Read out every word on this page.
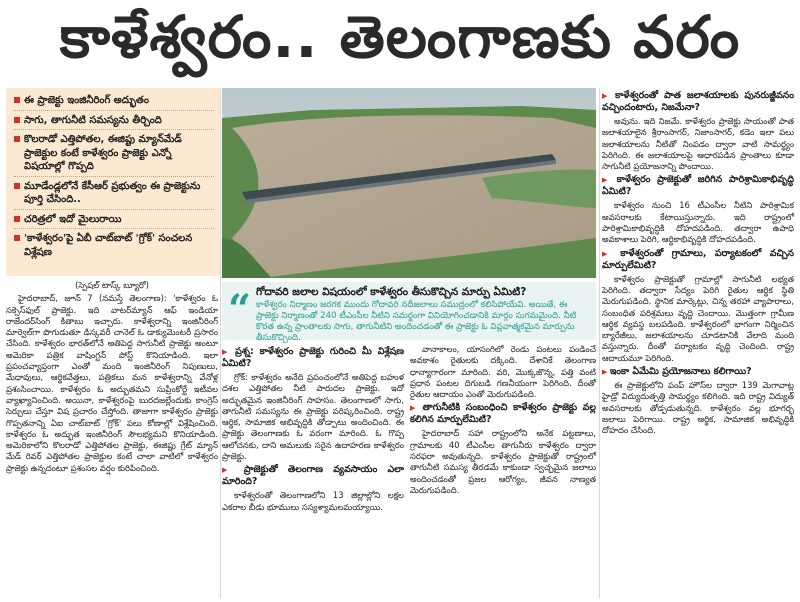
కాళేశ్వరం.. తెలంగాణకు వరం
ఈ ప్రాజెక్టు ఇంజినీరింగ్ అద్భుతం
సాగు, తాగునీటి సమస్యను తీర్చింది
కొలరాడో ఎత్తిపోతల, ఈజిప్టు మ్యాన్‌మేడ్ ప్రాజెక్టుల కంటే కాళేశ్వరం ప్రాజెక్టు ఎన్నో విషయాల్లో గొప్పది
మూడేండ్లలోనే కేసీఆర్ ప్రభుత్వం ఈ ప్రాజెక్టును పూర్తి చేసింది..
చరిత్రలో ఇదో మైలురాయి
'కాళేశ్వరం'పై ఏబీ చాట్‌బాట్ 'గ్రోక్' సంచలన విశ్లేషణ
“ గోదావరి జలాల విషయంలో కాళేశ్వరం తీసుకొచ్చిన మార్పు ఏమిటి?
కాళేశ్వరం నిర్మాణం జరగక ముందు గోదావరి నదీజలాలు సముద్రంలో కలిసిపోయేవి. అయితే, ఈ ప్రాజెక్టు నిర్మాణంతో 240 టీఎంసీల నీటిని సమర్థంగా వినియోగించడానికి మార్గం సుగమమైంది. నీటి కొరత ఉన్న ప్రాంతాలకు సాగు, తాగునీటిని అందించడంతో ఈ ప్రాజెక్టు ఓ విప్లవాత్మకమైన మార్పును తీసుకొచ్చింది.

(స్పెషల్ టాస్క్ బ్యూరో)

హైదరాబాద్, జూన్ 7 (నమస్తే తెలంగాణ): 'కాళేశ్వరం ఓ సక్సెస్‌ఫుల్ ప్రాజెక్టు. ఇది వాటర్‌మ్యాన్ ఆఫ్ ఇండియా రాజేందర్‌సింగ్ కితాబు ఇచ్చారు. కాళేశ్వరాన్ని ఇంజినీరింగ్ మార్వెల్‌గా పొగుడుతూ డిస్కవరీ చానెల్ ఓ డాక్యుమెంటరీ ప్రసారం చేసింది. కాళేశ్వరం భారత్‌లోనే అతిపెద్ద సాగునీటి ప్రాజెక్టు అంటూ అమెరికా పత్రిక వాషింగ్టన్ పోస్ట్ కొనియాడింది. ఇలా ప్రపంచవ్యాప్తంగా ఎంతో మంది ఇంజినీరింగ్ నిపుణులు, మేధావులు, ఆర్థికవేత్తలు, పత్రికలు మన కాళేశ్వరాన్ని వేనోళ్ల ప్రశంసించాయి. కాళేశ్వరం ఓ అద్భుతమని సుప్రీంకోర్టే ఇటీవల వ్యాఖ్యానించింది. అయినా, కాళేశ్వరంపై బురదజల్లేందుకు కాంగ్రెస్ సెర్చులు చేస్తూ విష ప్రచారం చేస్తోంది. తాజాగా కాళేశ్వరం ప్రాజెక్టు గొప్పతనాన్ని ఏఐ చాట్‌బాట్ 'గ్రోక్' పలు కోణాల్లో విశ్లేషించింది. కాళేశ్వరం ఓ అద్భుత ఇంజినీరింగ్ సౌలభ్యమని కొనియాడింది. అమెరికాలోని కొలరాడో ఎత్తిపోతల ప్రాజెక్టు, ఈజిప్టు గ్రేట్ మ్యాన్ మేడ్ రివర్ ఎత్తిపోతల ప్రాజెక్టుల కంటే చాలా వాటిలో కాళేశ్వరం ప్రాజెక్టు ఉన్నదంటూ ప్రశంసల వర్షం కురిపించింది.

▶ ప్రశ్న: కాళేశ్వరం ప్రాజెక్టు గురించి మీ విశ్లేషణ ఏమిటి?

గ్రోక్: కాళేశ్వరం అనేది ప్రపంచంలోనే అతిపెద్ద బహుళ దశల ఎత్తిపోతల నీటి పారుదల ప్రాజెక్టు. ఇదో అద్భుతమైన ఇంజినీరింగ్ సాహసం. తెలంగాణలో సాగు, తాగునీటి సమస్యను ఈ ప్రాజెక్టు పరిష్కరించింది. రాష్ట్ర ఆర్థిక, సామాజిక అభివృద్ధికి తోడ్పాటు అందించింది. ఈ ప్రాజెక్టు తెలంగాణకు ఓ వరంగా మారింది. ఓ గొప్ప ఆలోచనకు, దాని అమలుకు సరైన ఉదాహరణ కాళేశ్వరం ప్రాజెక్టు.

▶ ప్రాజెక్టుతో తెలంగాణ వ్యవసాయం ఎలా మారింది?

కాళేశ్వరంతో తెలంగాణలోని 13 జిల్లాల్లోని లక్షల ఎకరాల బీడు భూములు సస్యశ్యామలమయ్యాయి.

వానాకాలం, యాసంగిలో రెండు పంటలు పండించే అవకాశం రైతులకు దక్కింది. దేశానికే తెలంగాణ ధాన్యాగారంగా మారింది. వరి, మొక్కజొన్న, పత్తి వంటి ప్రధాన పంటల దిగుబడి గణనీయంగా పెరిగింది. దీంతో రైతుల ఆదాయం ఎంతో మెరుగుపడింది.

▶ తాగునీటికి సంబంధించి కాళేశ్వరం ప్రాజెక్టు వల్ల కలిగిన మార్పులేమిటి?

హైదరాబాద్ సహా రాష్ట్రంలోని అనేక పట్టణాలు, గ్రామాలకు 40 టీఎంసీల తాగునీరు కాళేశ్వరం ద్వారా సరఫరా అవుతున్నది. కాళేశ్వరం ప్రాజెక్టుతో రాష్ట్రంలో తాగునీటి సమస్య తీరడమే కాకుండా స్వచ్ఛమైన జలాలు అందించడంతో ప్రజల ఆరోగ్యం, జీవన నాణ్యత మెరుగుపడింది.

▶ కాళేశ్వరంతో పాత జలాశయాలకు పునరుజ్జీవనం వచ్చిందంటారు, నిజమేనా?

అవును. ఇది నిజమే. కాళేశ్వరం ప్రాజెక్టు సాయంతో పాత జలాశయాలైన శ్రీరాంసాగర్, నిజాంసాగర్, కడెం ఇలా పలు జలాశయాలను నీటితో నింపడం ద్వారా వాటి సామర్థ్యం పెరిగింది. ఈ జలాశయాలపై ఆధారపడిన ప్రాంతాలు కూడా సాగునీటి ప్రయోజనాన్ని పొందాయి.

▶ కాళేశ్వరం ప్రాజెక్టుతో జరిగిన పారిశ్రామికాభివృద్ధి ఏమిటి?

కాళేశ్వరం నుంచి 16 టీఎంసీల నీటిని పారిశ్రామిక అవసరాలకు కేటాయిస్తున్నారు. ఇది రాష్ట్రంలో పారిశ్రామికాభివృద్ధికి దోహదపడింది. తద్వారా ఉపాధి అవకాశాలు పెరిగి, ఆర్థికాభివృద్ధికి దోహదపడింది.

▶ కాళేశ్వరంతో గ్రామాలు, పర్యాటకంలో వచ్చిన మార్పులేమిటి?

కాళేశ్వరం ప్రాజెక్టుతో గ్రామాల్లో సాగునీటి లభ్యత పెరిగింది. తద్వారా సేద్యం పెరిగి రైతుల ఆర్థిక స్థితి మెరుగుపడింది. స్థానిక మార్కెట్లు, చిన్న తరహా వ్యాపారాలు, సంబంధిత పరిశ్రమలు వృద్ధి చెందాయి. మొత్తంగా గ్రామీణ ఆర్థిక వ్యవస్థ బలపడింది. కాళేశ్వరంలో భాగంగా నిర్మించిన బ్యారేజీలు, జలాశయాలను చూడటానికి వేలాది మంది వస్తున్నారు. దీంతో పర్యాటకం వృద్ధి చెందింది. రాష్ట్ర ఆదాయమూ పెరిగింది.

▶ ఇంకా ఏమేమి ప్రయోజనాలు కలిగాయి?

ఈ ప్రాజెక్టులోని పంప్ హౌస్‌ల ద్వారా 139 మెగావాట్ల హైడ్రో విద్యుదుత్పత్తి సామర్థ్యం కలిగింది. ఇది రాష్ట్ర విద్యుత్ అవసరాలకు తోడ్పడుతున్నది. కాళేశ్వరం వల్ల భూగర్భ జలాలు పెరిగాయి. రాష్ట్ర ఆర్థిక, సామాజిక అభివృద్ధికి దోహదం చేసింది.
